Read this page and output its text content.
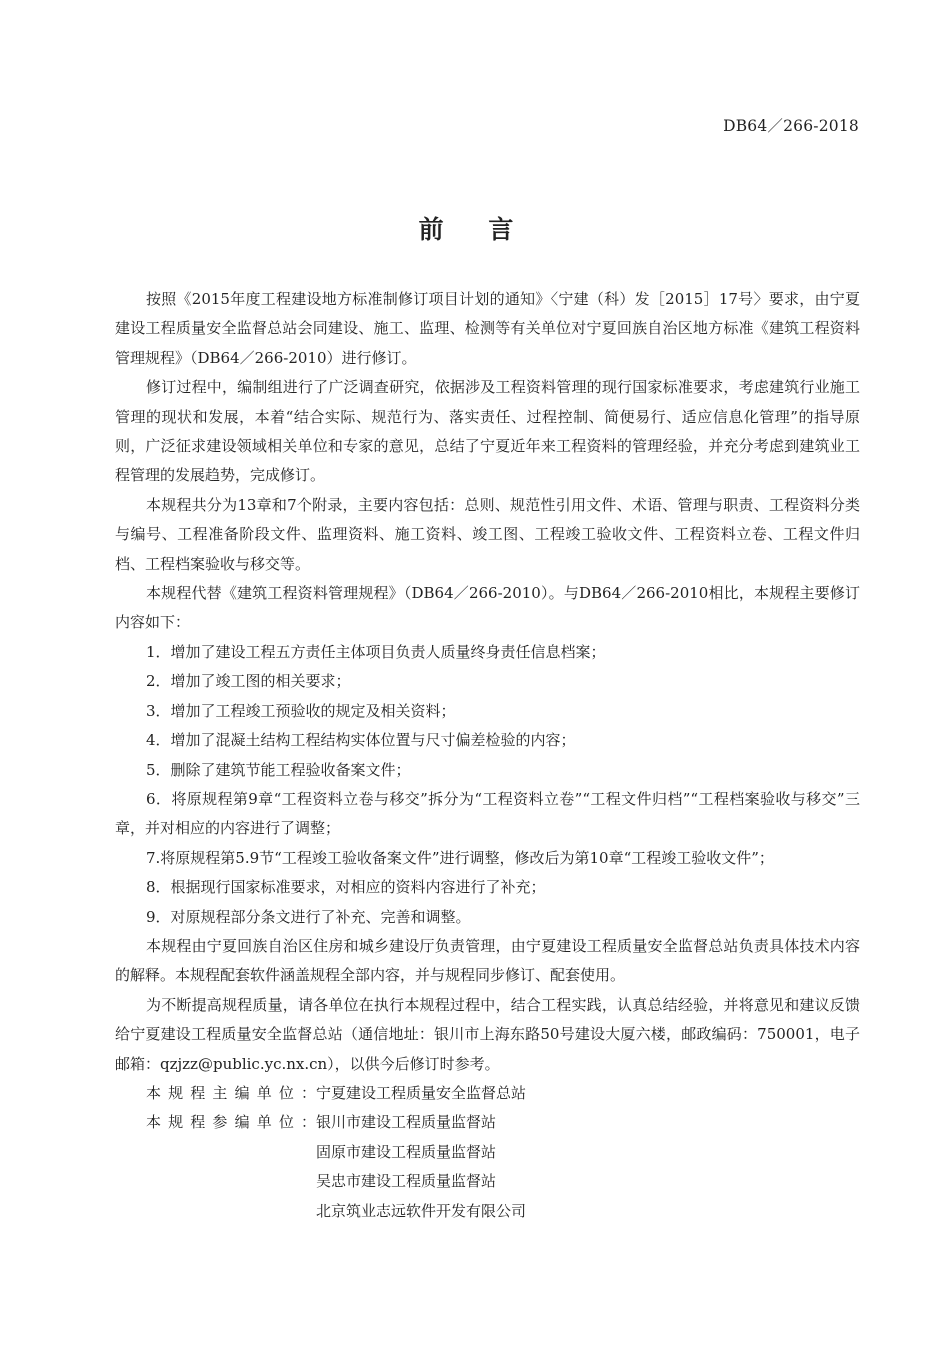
DB64／266-2018
前 言

按照《2015年度工程建设地方标准制修订项目计划的通知》〈宁建（科）发［2015］17号〉要求，由宁夏建设工程质量安全监督总站会同建设、施工、监理、检测等有关单位对宁夏回族自治区地方标准《建筑工程资料管理规程》（DB64／266-2010）进行修订。

修订过程中，编制组进行了广泛调查研究，依据涉及工程资料管理的现行国家标准要求，考虑建筑行业施工管理的现状和发展，本着“结合实际、规范行为、落实责任、过程控制、简便易行、适应信息化管理”的指导原则，广泛征求建设领域相关单位和专家的意见，总结了宁夏近年来工程资料的管理经验，并充分考虑到建筑业工程管理的发展趋势，完成修订。

本规程共分为13章和7个附录，主要内容包括：总则、规范性引用文件、术语、管理与职责、工程资料分类与编号、工程准备阶段文件、监理资料、施工资料、竣工图、工程竣工验收文件、工程资料立卷、工程文件归档、工程档案验收与移交等。

本规程代替《建筑工程资料管理规程》（DB64／266-2010）。与DB64／266-2010相比，本规程主要修订内容如下：

1．增加了建设工程五方责任主体项目负责人质量终身责任信息档案；

2．增加了竣工图的相关要求；

3．增加了工程竣工预验收的规定及相关资料；

4．增加了混凝土结构工程结构实体位置与尺寸偏差检验的内容；

5．删除了建筑节能工程验收备案文件；

6．将原规程第9章“工程资料立卷与移交”拆分为“工程资料立卷”“工程文件归档”“工程档案验收与移交”三章，并对相应的内容进行了调整；

7.将原规程第5.9节“工程竣工验收备案文件”进行调整，修改后为第10章“工程竣工验收文件”；

8．根据现行国家标准要求，对相应的资料内容进行了补充；

9．对原规程部分条文进行了补充、完善和调整。

本规程由宁夏回族自治区住房和城乡建设厅负责管理，由宁夏建设工程质量安全监督总站负责具体技术内容的解释。本规程配套软件涵盖规程全部内容，并与规程同步修订、配套使用。

为不断提高规程质量，请各单位在执行本规程过程中，结合工程实践，认真总结经验，并将意见和建议反馈给宁夏建设工程质量安全监督总站（通信地址：银川市上海东路50号建设大厦六楼，邮政编码：750001，电子邮箱：qzjzz@public.yc.nx.cn），以供今后修订时参考。

本 规 程 主 编 单 位 ： 宁夏建设工程质量安全监督总站
本 规 程 参 编 单 位 ： 银川市建设工程质量监督站
固原市建设工程质量监督站
吴忠市建设工程质量监督站
北京筑业志远软件开发有限公司
